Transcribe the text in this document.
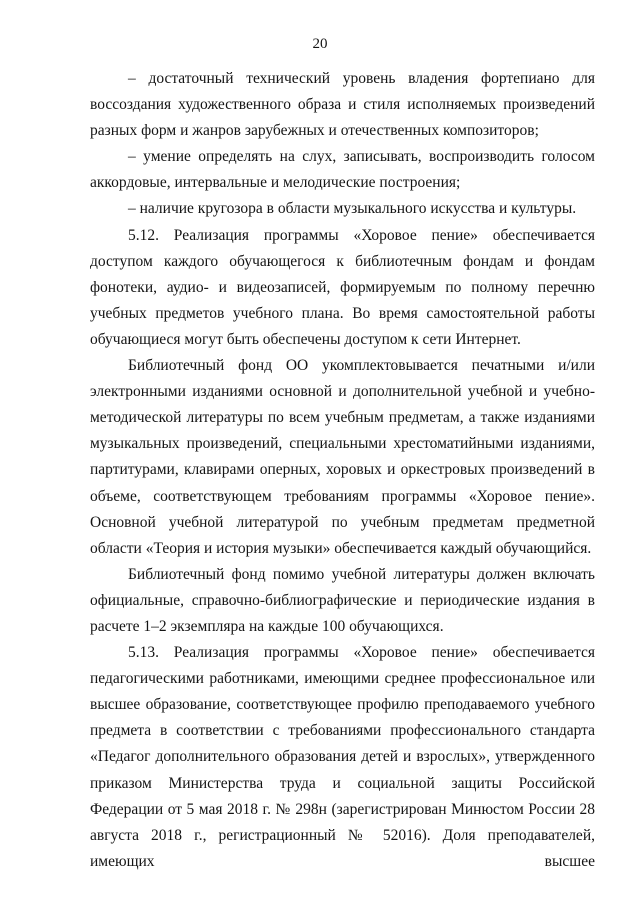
20

– достаточный технический уровень владения фортепиано для воссоздания художественного образа и стиля исполняемых произведений разных форм и жанров зарубежных и отечественных композиторов;

– умение определять на слух, записывать, воспроизводить голосом аккордовые, интервальные и мелодические построения;

– наличие кругозора в области музыкального искусства и культуры.

5.12. Реализация программы «Хоровое пение» обеспечивается доступом каждого обучающегося к библиотечным фондам и фондам фонотеки, аудио- и видеозаписей, формируемым по полному перечню учебных предметов учебного плана. Во время самостоятельной работы обучающиеся могут быть обеспечены доступом к сети Интернет.

Библиотечный фонд ОО укомплектовывается печатными и/или электронными изданиями основной и дополнительной учебной и учебно-методической литературы по всем учебным предметам, а также изданиями музыкальных произведений, специальными хрестоматийными изданиями, партитурами, клавирами оперных, хоровых и оркестровых произведений в объеме, соответствующем требованиям программы «Хоровое пение». Основной учебной литературой по учебным предметам предметной области «Теория и история музыки» обеспечивается каждый обучающийся.

Библиотечный фонд помимо учебной литературы должен включать официальные, справочно-библиографические и периодические издания в расчете 1–2 экземпляра на каждые 100 обучающихся.

5.13. Реализация программы «Хоровое пение» обеспечивается педагогическими работниками, имеющими среднее профессиональное или высшее образование, соответствующее профилю преподаваемого учебного предмета в соответствии с требованиями профессионального стандарта «Педагог дополнительного образования детей и взрослых», утвержденного приказом Министерства труда и социальной защиты Российской Федерации от 5 мая 2018 г. № 298н (зарегистрирован Минюстом России 28 августа 2018 г., регистрационный № 52016). Доля преподавателей, имеющих высшее
